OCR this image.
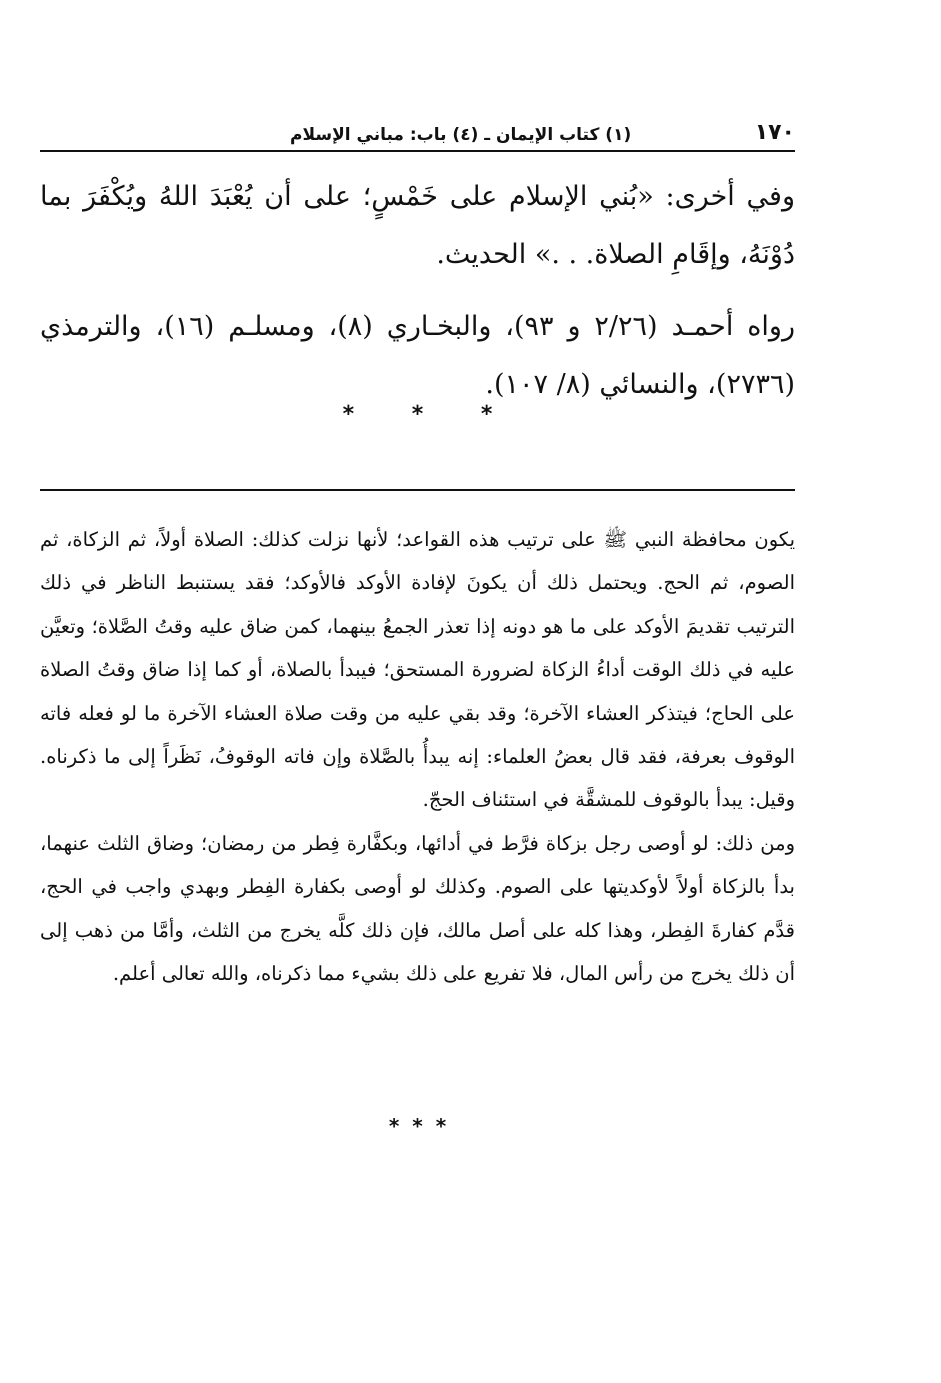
١٧٠
(١) كتاب الإيمان ـ (٤) باب: مباني الإسلام

وفي أخرى: «بُني الإسلام على خَمْسٍ؛ على أن يُعْبَدَ اللهُ ويُكْفَرَ بما دُوْنَهُ، وإقَامِ الصلاة. . .» الحديث.

رواه أحمـد (٢/٢٦ و ٩٣)، والبخـاري (٨)، ومسلـم (١٦)، والترمذي (٢٧٣٦)، والنسائي (٨/ ١٠٧).

* * *

يكون محافظة النبي ﷺ على ترتيب هذه القواعد؛ لأنها نزلت كذلك: الصلاة أولاً، ثم الزكاة، ثم الصوم، ثم الحج. ويحتمل ذلك أن يكونَ لإفادة الأوكد فالأوكد؛ فقد يستنبط الناظر في ذلك الترتيب تقديمَ الأوكد على ما هو دونه إذا تعذر الجمعُ بينهما، كمن ضاق عليه وقتُ الصَّلاة؛ وتعيَّن عليه في ذلك الوقت أداءُ الزكاة لضرورة المستحق؛ فيبدأ بالصلاة، أو كما إذا ضاق وقتُ الصلاة على الحاج؛ فيتذكر العشاء الآخرة؛ وقد بقي عليه من وقت صلاة العشاء الآخرة ما لو فعله فاته الوقوف بعرفة، فقد قال بعضُ العلماء: إنه يبدأُ بالصَّلاة وإن فاته الوقوفُ، نَظَراً إلى ما ذكرناه. وقيل: يبدأ بالوقوف للمشقَّة في استئناف الحجّ.

ومن ذلك: لو أوصى رجل بزكاة فرَّط في أدائها، وبكفَّارة فِطر من رمضان؛ وضاق الثلث عنهما، بدأ بالزكاة أولاً لأوكديتها على الصوم. وكذلك لو أوصى بكفارة الفِطر وبهدي واجب في الحج، قدَّم كفارةَ الفِطر، وهذا كله على أصل مالك، فإن ذلك كلَّه يخرج من الثلث، وأمَّا من ذهب إلى أن ذلك يخرج من رأس المال، فلا تفريع على ذلك بشيء مما ذكرناه، والله تعالى أعلم.

* * *
